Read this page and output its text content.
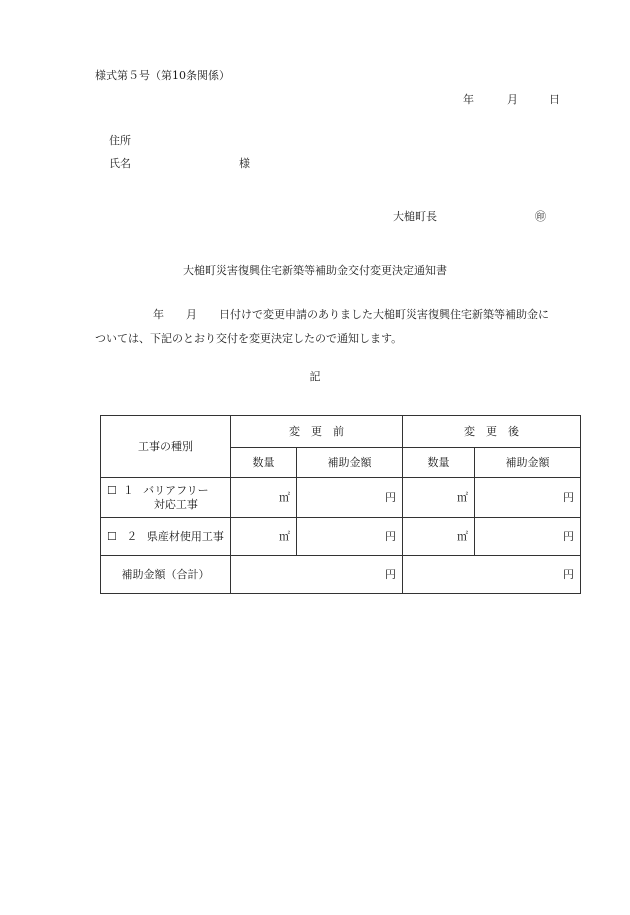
様式第５号（第10条関係）
年	月	日
住所
氏名	様
大槌町長	㊞
大槌町災害復興住宅新築等補助金交付変更決定通知書
年　　月　　日付けで変更申請のありました大槌町災害復興住宅新築等補助金に
ついては、下記のとおり交付を変更決定したので通知します。
記
工事の種別	変　更　前		変　更　後	
	数量	補助金額	数量	補助金額

☐ １ バリアフリー対応工事	㎡	円	㎡	円
☐ ２ 県産材使用工事	㎡	円	㎡	円
補助金額（合計）	円		円	
